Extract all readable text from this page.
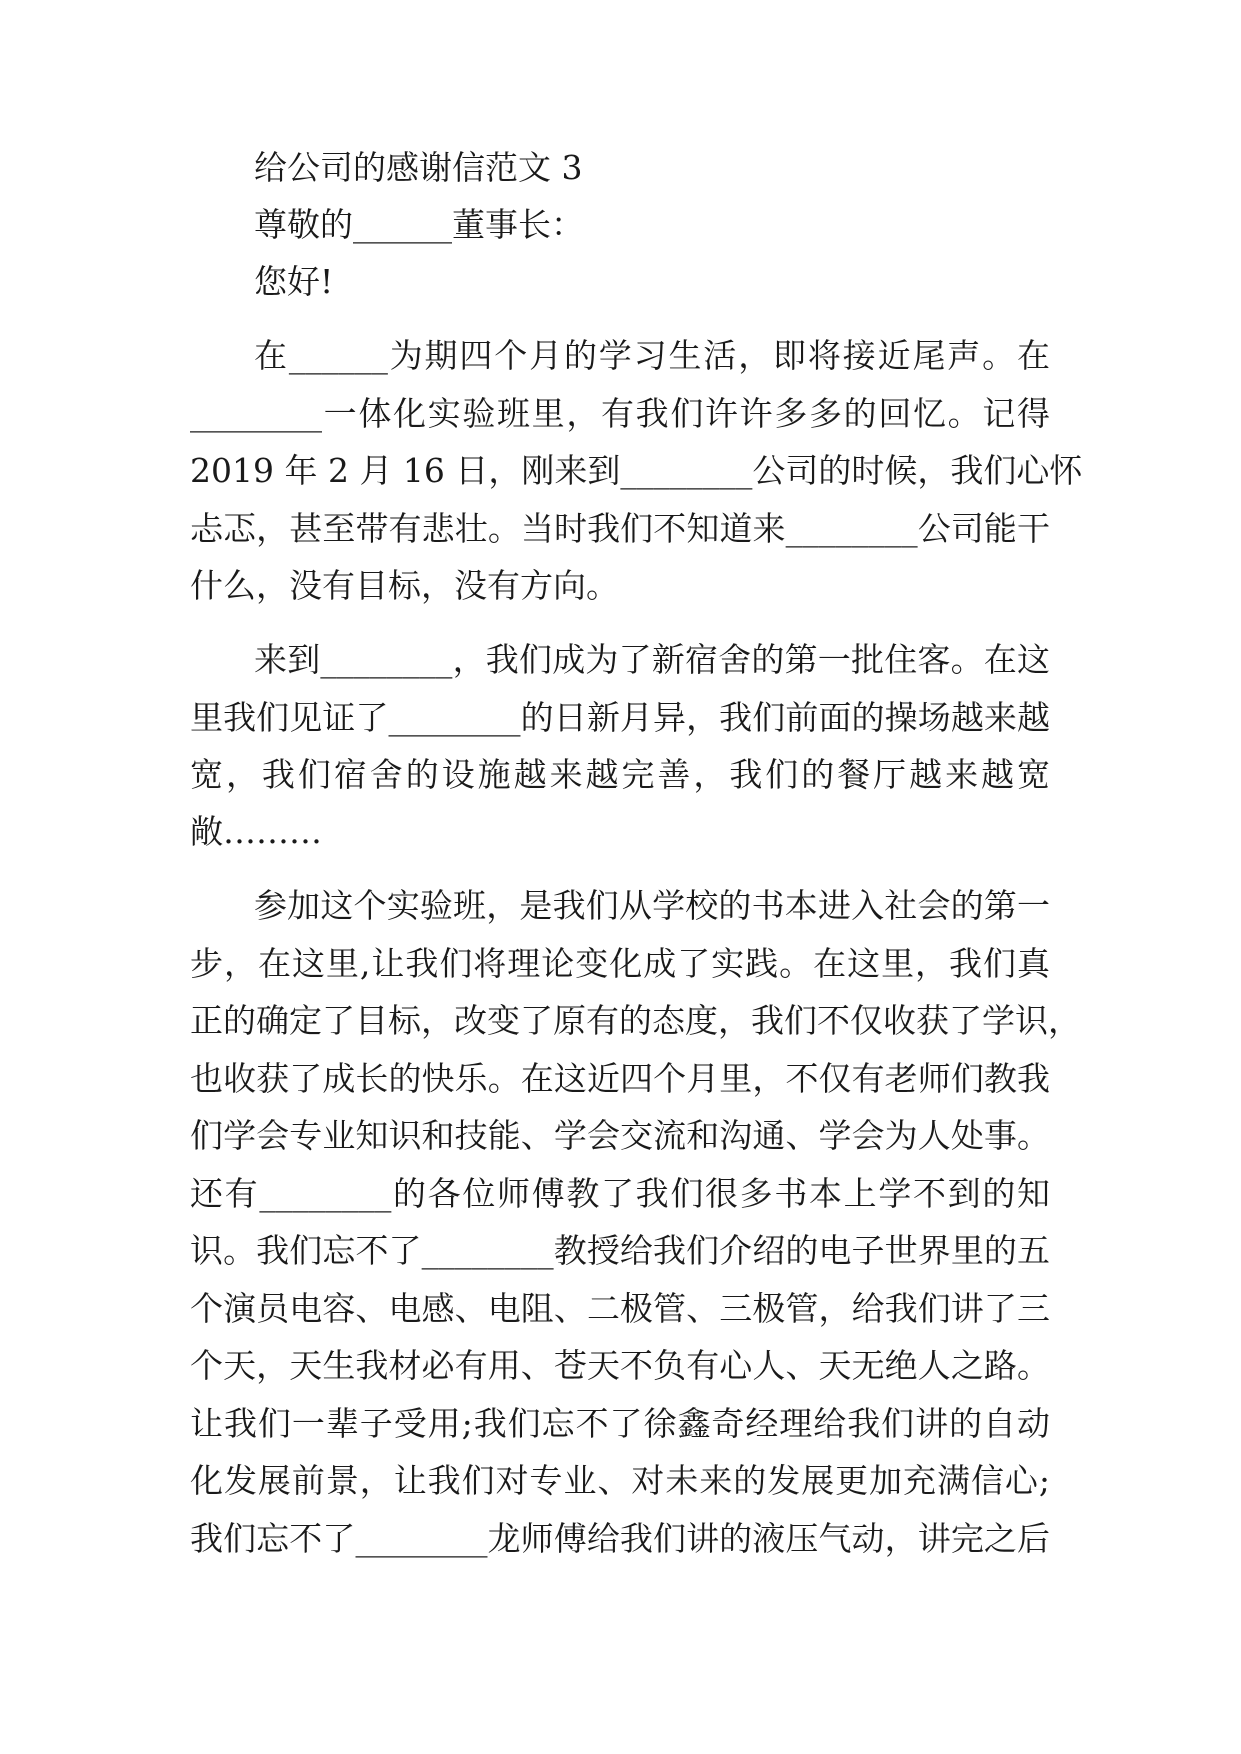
给公司的感谢信范文 3
尊敬的______董事长：
您好!
在______为期四个月的学习生活，即将接近尾声。在
________一体化实验班里，有我们许许多多的回忆。记得
2019 年 2 月 16 日，刚来到________公司的时候，我们心怀
忐忑，甚至带有悲壮。当时我们不知道来________公司能干
什么，没有目标，没有方向。
来到________，我们成为了新宿舍的第一批住客。在这
里我们见证了________的日新月异，我们前面的操场越来越
宽，我们宿舍的设施越来越完善，我们的餐厅越来越宽
敞………
参加这个实验班，是我们从学校的书本进入社会的第一
步，在这里,让我们将理论变化成了实践。在这里，我们真
正的确定了目标，改变了原有的态度，我们不仅收获了学识，
也收获了成长的快乐。在这近四个月里，不仅有老师们教我
们学会专业知识和技能、学会交流和沟通、学会为人处事。
还有________的各位师傅教了我们很多书本上学不到的知
识。我们忘不了________教授给我们介绍的电子世界里的五
个演员电容、电感、电阻、二极管、三极管，给我们讲了三
个天，天生我材必有用、苍天不负有心人、天无绝人之路。
让我们一辈子受用;我们忘不了徐鑫奇经理给我们讲的自动
化发展前景，让我们对专业、对未来的发展更加充满信心;
我们忘不了________龙师傅给我们讲的液压气动，讲完之后
